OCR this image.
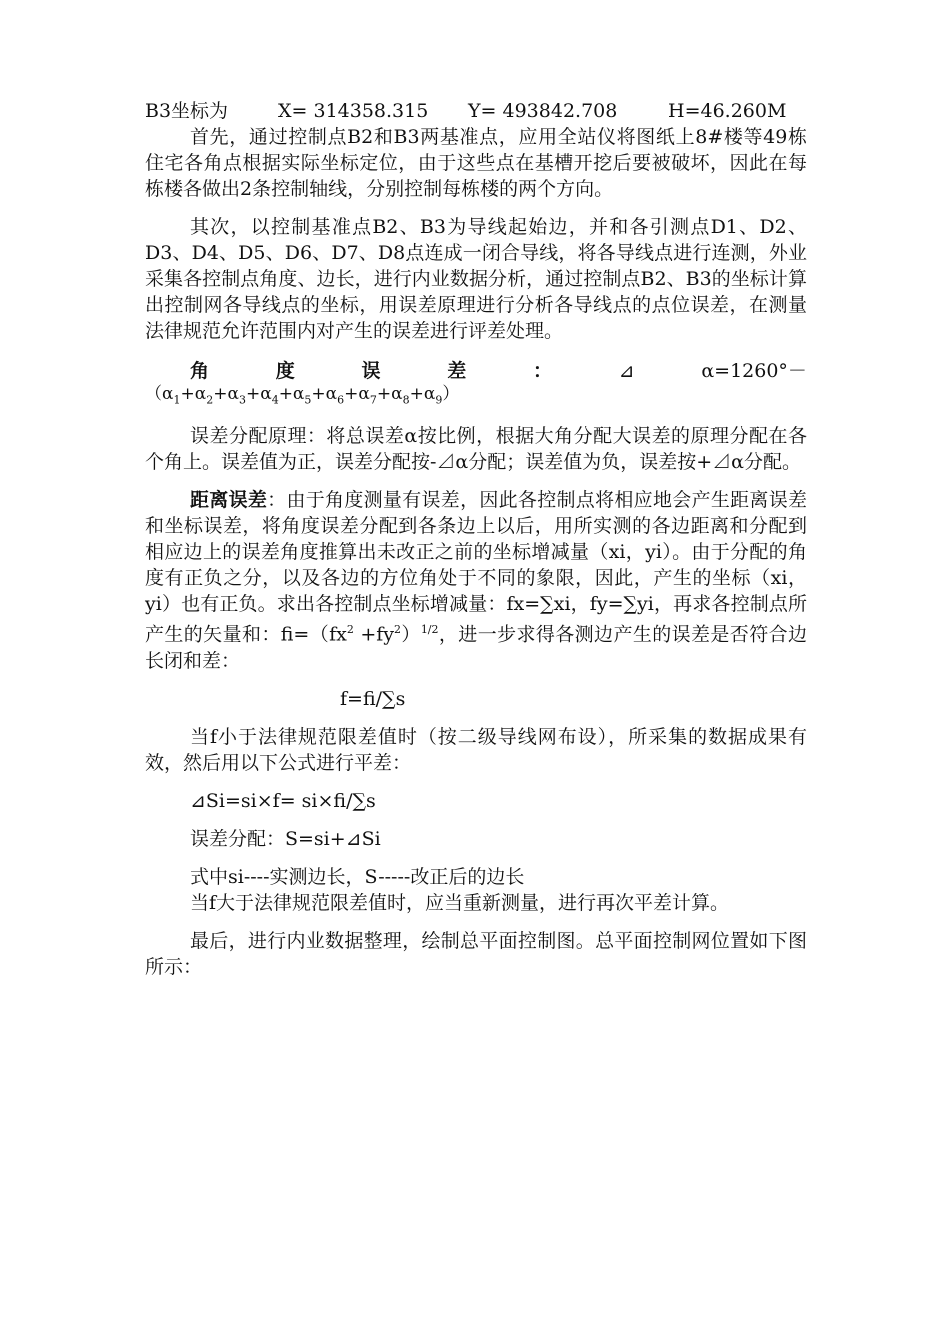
B3坐标为	X= 314358.315	Y= 493842.708	H=46.260M

首先，通过控制点B2和B3两基准点，应用全站仪将图纸上8#楼等49栋住宅各角点根据实际坐标定位，由于这些点在基槽开挖后要被破坏，因此在每栋楼各做出2条控制轴线，分别控制每栋楼的两个方向。

其次，以控制基准点B2、B3为导线起始边，并和各引测点D1、D2、D3、D4、D5、D6、D7、D8点连成一闭合导线，将各导线点进行连测，外业采集各控制点角度、边长，进行内业数据分析，通过控制点B2、B3的坐标计算出控制网各导线点的坐标，用误差原理进行分析各导线点的点位误差，在测量法律规范允许范围内对产生的误差进行评差处理。

角	度	误	差	：	⊿	α=1260°－

$(\alpha_1+\alpha_2+\alpha_3+\alpha_4+\alpha_5+\alpha_6+\alpha_7+\alpha_8+\alpha_9)$

误差分配原理：将总误差α按比例，根据大角分配大误差的原理分配在各个角上。误差值为正，误差分配按-⊿α分配；误差值为负，误差按+⊿α分配。

距离误差：由于角度测量有误差，因此各控制点将相应地会产生距离误差和坐标误差，将角度误差分配到各条边上以后，用所实测的各边距离和分配到相应边上的误差角度推算出未改正之前的坐标增减量（xi，yi）。由于分配的角度有正负之分，以及各边的方位角处于不同的象限，因此，产生的坐标（xi，yi）也有正负。求出各控制点坐标增减量：fx=∑xi，fy=∑yi，再求各控制点所产生的矢量和：$fi=(fx^2 +fy^2)^{1/2}$，进一步求得各测边产生的误差是否符合边长闭和差：

f=fi/∑s

当f小于法律规范限差值时（按二级导线网布设），所采集的数据成果有效，然后用以下公式进行平差：

⊿Si=si×f= si×fi/∑s

误差分配：S=si+⊿Si

式中si----实测边长，S-----改正后的边长

当f大于法律规范限差值时，应当重新测量，进行再次平差计算。

最后，进行内业数据整理，绘制总平面控制图。总平面控制网位置如下图所示：
